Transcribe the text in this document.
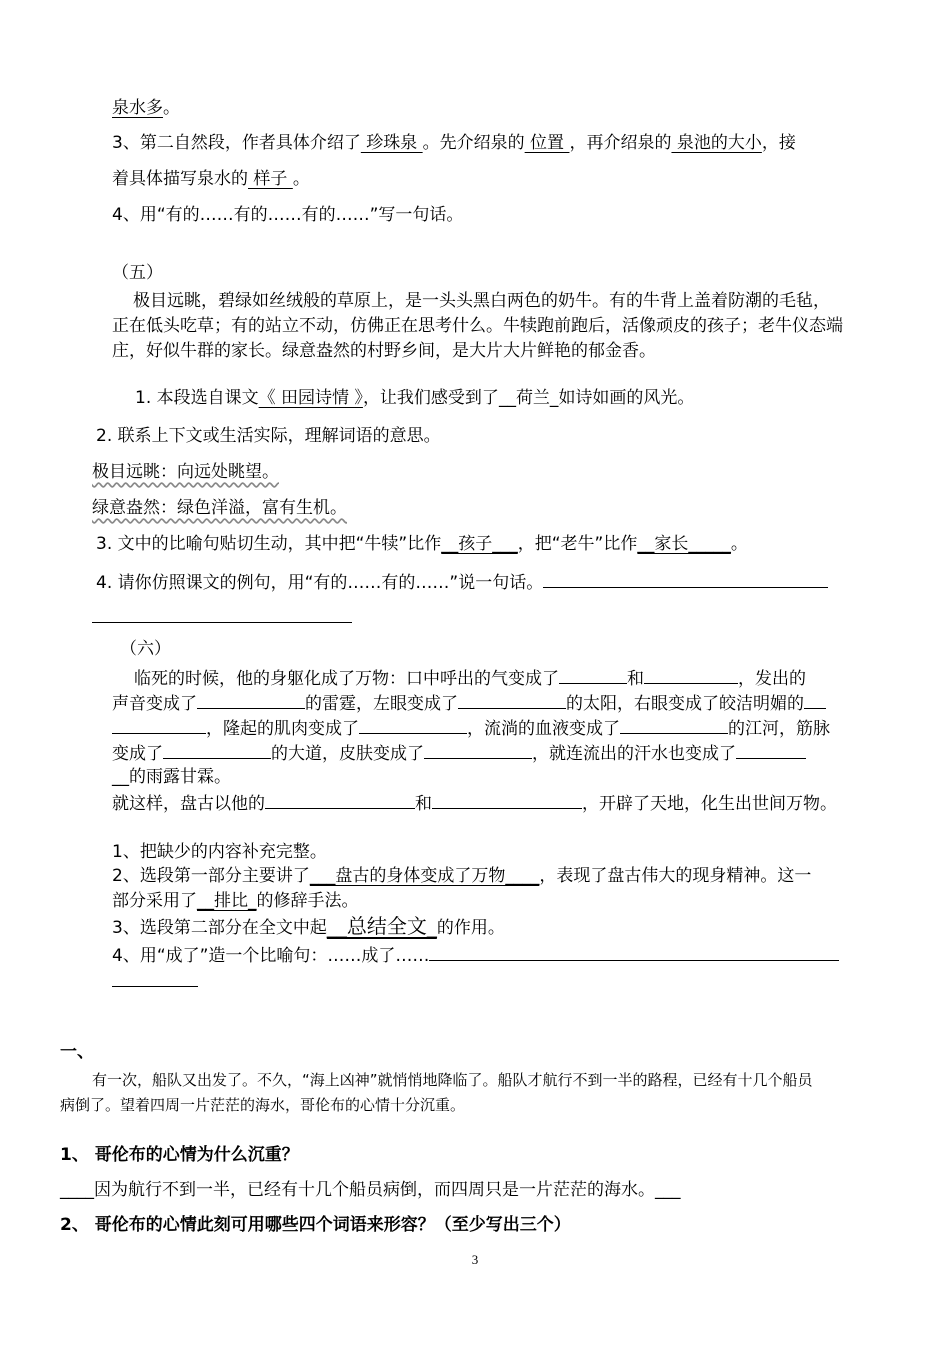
泉水多。
3、第二自然段，作者具体介绍了 珍珠泉 。先介绍泉的 位置 ，再介绍泉的 泉池的大小，接
着具体描写泉水的 样子 。
4、用“有的……有的……有的……”写一句话。
（五）
极目远眺，碧绿如丝绒般的草原上，是一头头黑白两色的奶牛。有的牛背上盖着防潮的毛毡，
正在低头吃草；有的站立不动，仿佛正在思考什么。牛犊跑前跑后，活像顽皮的孩子；老牛仪态端
庄，好似牛群的家长。绿意盎然的村野乡间，是大片大片鲜艳的郁金香。
1. 本段选自课文《 田园诗情 》，让我们感受到了__荷兰_如诗如画的风光。
2. 联系上下文或生活实际，理解词语的意思。
极目远眺：向远处眺望。
绿意盎然：绿色洋溢，富有生机。
3. 文中的比喻句贴切生动，其中把“牛犊”比作__孩子___，把“老牛”比作__家长_____。
4. 请你仿照课文的例句，用“有的……有的……”说一句话。
（六）
临死的时候，他的身躯化成了万物：口中呼出的气变成了	和	，发出的
声音变成了	的雷霆，左眼变成了	的太阳，右眼变成了皎洁明媚的
，隆起的肌肉变成了	，流淌的血液变成了	的江河，筋脉
变成了	的大道，皮肤变成了	，就连流出的汗水也变成了
__的雨露甘霖。
就这样，盘古以他的	和	，开辟了天地，化生出世间万物。
1、把缺少的内容补充完整。
2、选段第一部分主要讲了___盘古的身体变成了万物____，表现了盘古伟大的现身精神。这一
部分采用了__排比_的修辞手法。
3、选段第二部分在全文中起__总结全文_的作用。
4、用“成了”造一个比喻句：……成了……
一、
有一次，船队又出发了。不久，“海上凶神”就悄悄地降临了。船队才航行不到一半的路程，已经有十几个船员
病倒了。望着四周一片茫茫的海水，哥伦布的心情十分沉重。
1、 哥伦布的心情为什么沉重？
____因为航行不到一半，已经有十几个船员病倒，而四周只是一片茫茫的海水。___
2、 哥伦布的心情此刻可用哪些四个词语来形容？（至少写出三个）
3
